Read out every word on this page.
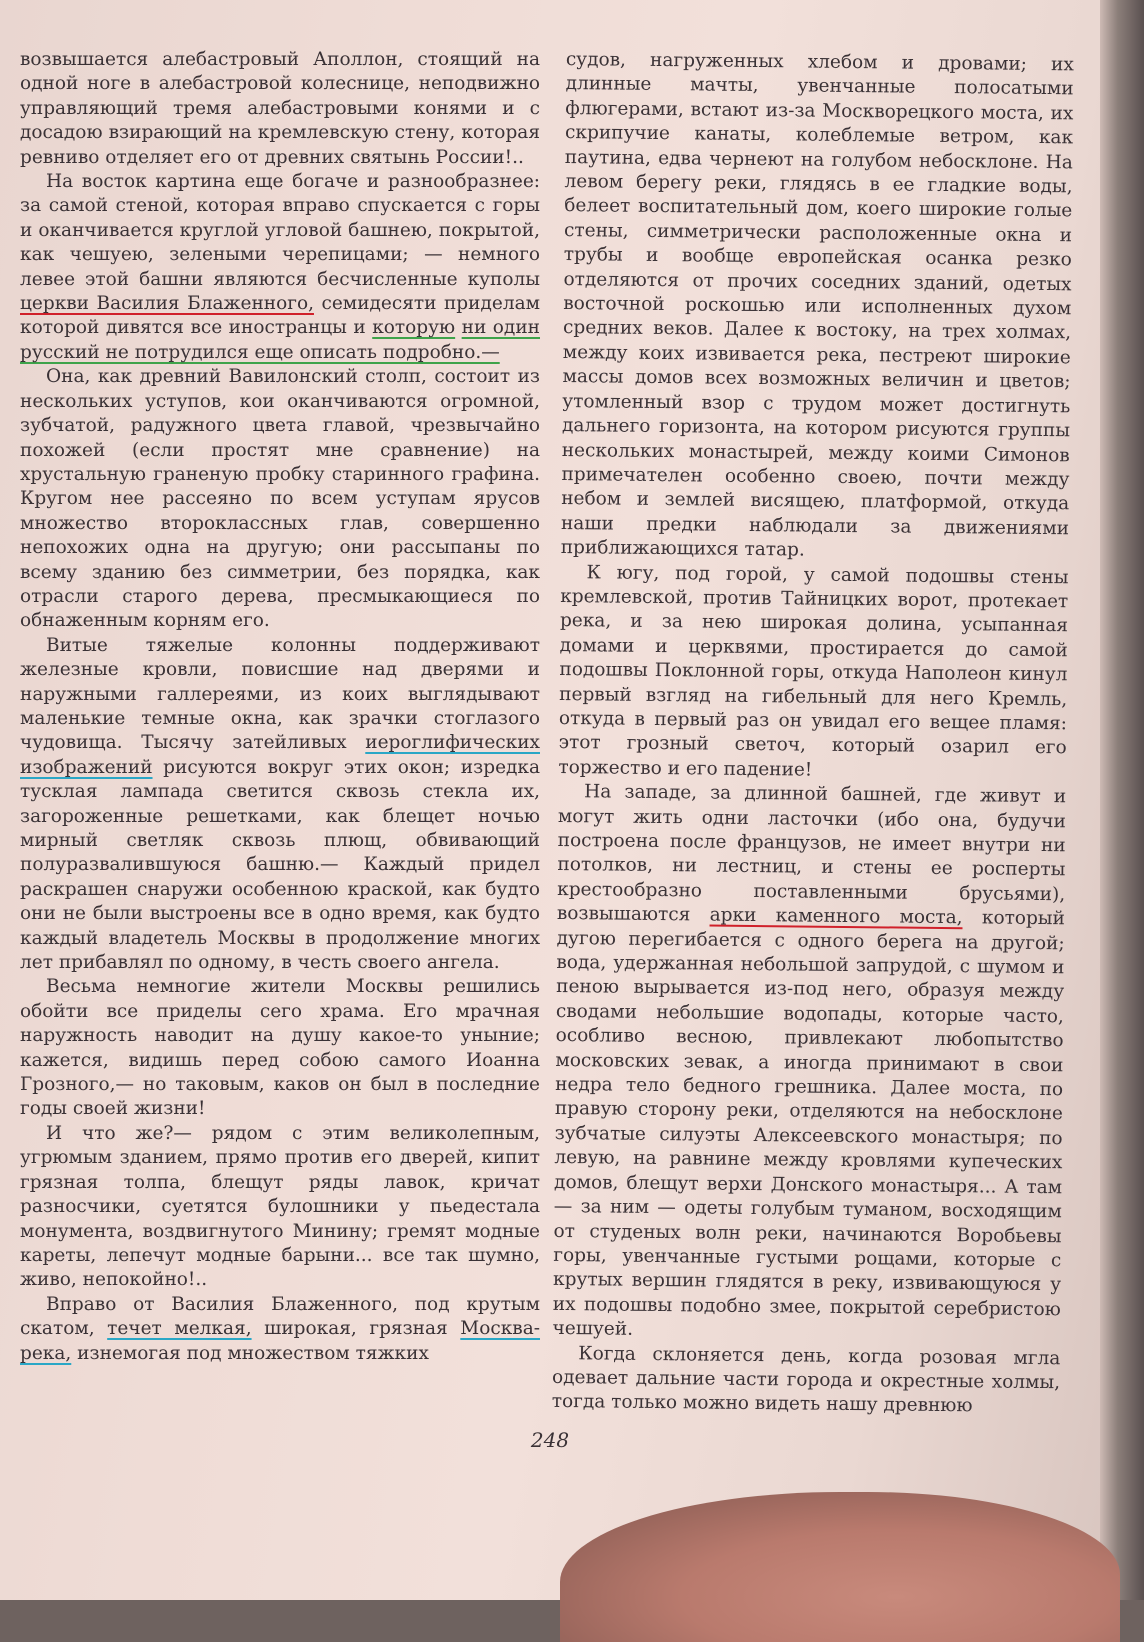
возвышается алебастровый Аполлон, стоящий на одной ноге в алебастровой колеснице, неподвижно управляющий тремя алебастровыми конями и с досадою взирающий на кремлевскую стену, которая ревниво отделяет его от древних святынь России!..

На восток картина еще богаче и разнообразнее: за самой стеной, которая вправо спускается с горы и оканчивается круглой угловой башнею, покрытой, как чешуею, зелеными черепицами; — немного левее этой башни являются бесчисленные куполы церкви Василия Блаженного, семидесяти приделам которой дивятся все иностранцы и которую ни один русский не потрудился еще описать подробно.—

Она, как древний Вавилонский столп, состоит из нескольких уступов, кои оканчиваются огромной, зубчатой, радужного цвета главой, чрезвычайно похожей (если простят мне сравнение) на хрустальную граненую пробку старинного графина. Кругом нее рассеяно по всем уступам ярусов множество второклассных глав, совершенно непохожих одна на другую; они рассыпаны по всему зданию без симметрии, без порядка, как отрасли старого дерева, пресмыкающиеся по обнаженным корням его.

Витые тяжелые колонны поддерживают железные кровли, повисшие над дверями и наружными галлереями, из коих выглядывают маленькие темные окна, как зрачки стоглазого чудовища. Тысячу затейливых иероглифических изображений рисуются вокруг этих окон; изредка тусклая лампада светится сквозь стекла их, загороженные решетками, как блещет ночью мирный светляк сквозь плющ, обвивающий полуразвалившуюся башню.— Каждый придел раскрашен снаружи особенною краской, как будто они не были выстроены все в одно время, как будто каждый владетель Москвы в продолжение многих лет прибавлял по одному, в честь своего ангела.

Весьма немногие жители Москвы решились обойти все приделы сего храма. Его мрачная наружность наводит на душу какое-то уныние; кажется, видишь перед собою самого Иоанна Грозного,— но таковым, каков он был в последние годы своей жизни!

И что же?— рядом с этим великолепным, угрюмым зданием, прямо против его дверей, кипит грязная толпа, блещут ряды лавок, кричат разносчики, суетятся булошники у пьедестала монумента, воздвигнутого Минину; гремят модные кареты, лепечут модные барыни... все так шумно, живо, непокойно!..

Вправо от Василия Блаженного, под крутым скатом, течет мелкая, широкая, грязная Москва-река, изнемогая под множеством тяжких

судов, нагруженных хлебом и дровами; их длинные мачты, увенчанные полосатыми флюгерами, встают из-за Москворецкого моста, их скрипучие канаты, колеблемые ветром, как паутина, едва чернеют на голубом небосклоне. На левом берегу реки, глядясь в ее гладкие воды, белеет воспитательный дом, коего широкие голые стены, симметрически расположенные окна и трубы и вообще европейская осанка резко отделяются от прочих соседних зданий, одетых восточной роскошью или исполненных духом средних веков. Далее к востоку, на трех холмах, между коих извивается река, пестреют широкие массы домов всех возможных величин и цветов; утомленный взор с трудом может достигнуть дальнего горизонта, на котором рисуются группы нескольких монастырей, между коими Симонов примечателен особенно своею, почти между небом и землей висящею, платформой, откуда наши предки наблюдали за движениями приближающихся татар.

К югу, под горой, у самой подошвы стены кремлевской, против Тайницких ворот, протекает река, и за нею широкая долина, усыпанная домами и церквями, простирается до самой подошвы Поклонной горы, откуда Наполеон кинул первый взгляд на гибельный для него Кремль, откуда в первый раз он увидал его вещее пламя: этот грозный светоч, который озарил его торжество и его падение!

На западе, за длинной башней, где живут и могут жить одни ласточки (ибо она, будучи построена после французов, не имеет внутри ни потолков, ни лестниц, и стены ее росперты крестообразно поставленными брусьями), возвышаются арки каменного моста, который дугою перегибается с одного берега на другой; вода, удержанная небольшой запрудой, с шумом и пеною вырывается из-под него, образуя между сводами небольшие водопады, которые часто, особливо весною, привлекают любопытство московских зевак, а иногда принимают в свои недра тело бедного грешника. Далее моста, по правую сторону реки, отделяются на небосклоне зубчатые силуэты Алексеевского монастыря; по левую, на равнине между кровлями купеческих домов, блещут верхи Донского монастыря... А там — за ним — одеты голубым туманом, восходящим от студеных волн реки, начинаются Воробьевы горы, увенчанные густыми рощами, которые с крутых вершин глядятся в реку, извивающуюся у их подошвы подобно змее, покрытой серебристою чешуей.

Когда склоняется день, когда розовая мгла одевает дальние части города и окрестные холмы, тогда только можно видеть нашу древнюю

248
